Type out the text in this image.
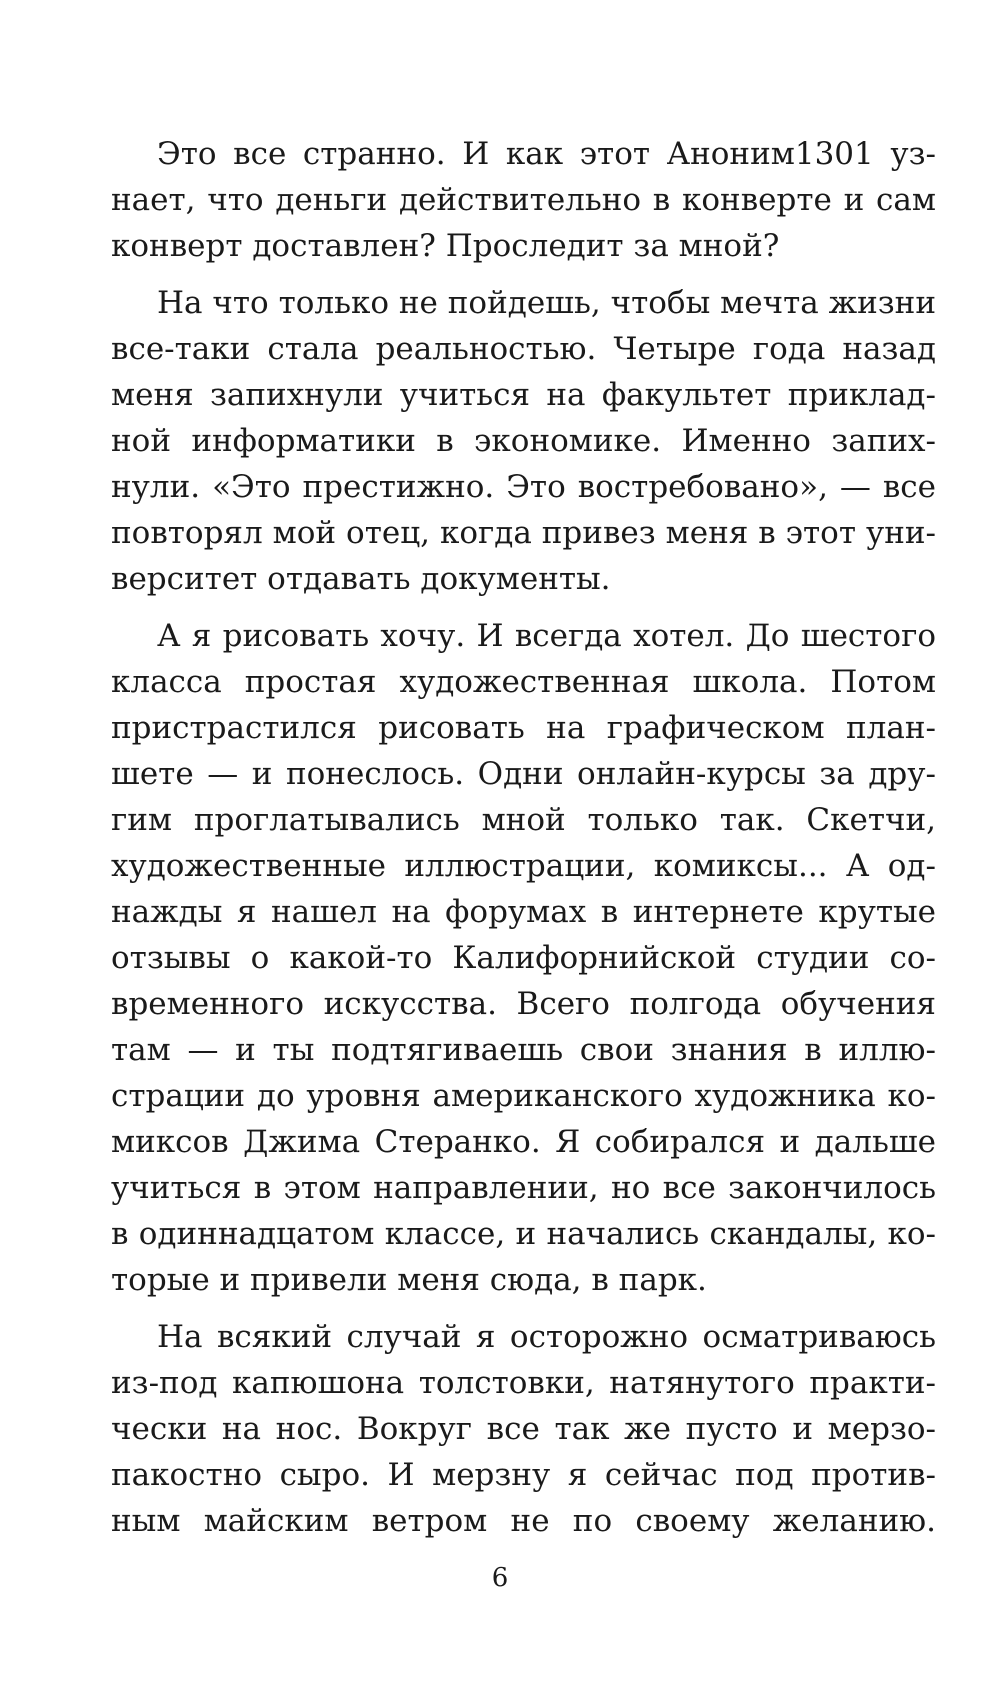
Это все странно. И как этот Аноним1301 уз-
нает, что деньги действительно в конверте и сам
конверт доставлен? Проследит за мной?
На что только не пойдешь, чтобы мечта жизни
все-таки стала реальностью. Четыре года назад
меня запихнули учиться на факультет приклад-
ной информатики в экономике. Именно запих-
нули. «Это престижно. Это востребовано», — все
повторял мой отец, когда привез меня в этот уни-
верситет отдавать документы.
А я рисовать хочу. И всегда хотел. До шестого
класса простая художественная школа. Потом
пристрастился рисовать на графическом план-
шете — и понеслось. Одни онлайн-курсы за дру-
гим проглатывались мной только так. Скетчи,
художественные иллюстрации, комиксы... А од-
нажды я нашел на форумах в интернете крутые
отзывы о какой-то Калифорнийской студии со-
временного искусства. Всего полгода обучения
там — и ты подтягиваешь свои знания в иллю-
страции до уровня американского художника ко-
миксов Джима Стеранко. Я собирался и дальше
учиться в этом направлении, но все закончилось
в одиннадцатом классе, и начались скандалы, ко-
торые и привели меня сюда, в парк.
На всякий случай я осторожно осматриваюсь
из-под капюшона толстовки, натянутого практи-
чески на нос. Вокруг все так же пусто и мерзо-
пакостно сыро. И мерзну я сейчас под против-
ным майским ветром не по своему желанию.
6
